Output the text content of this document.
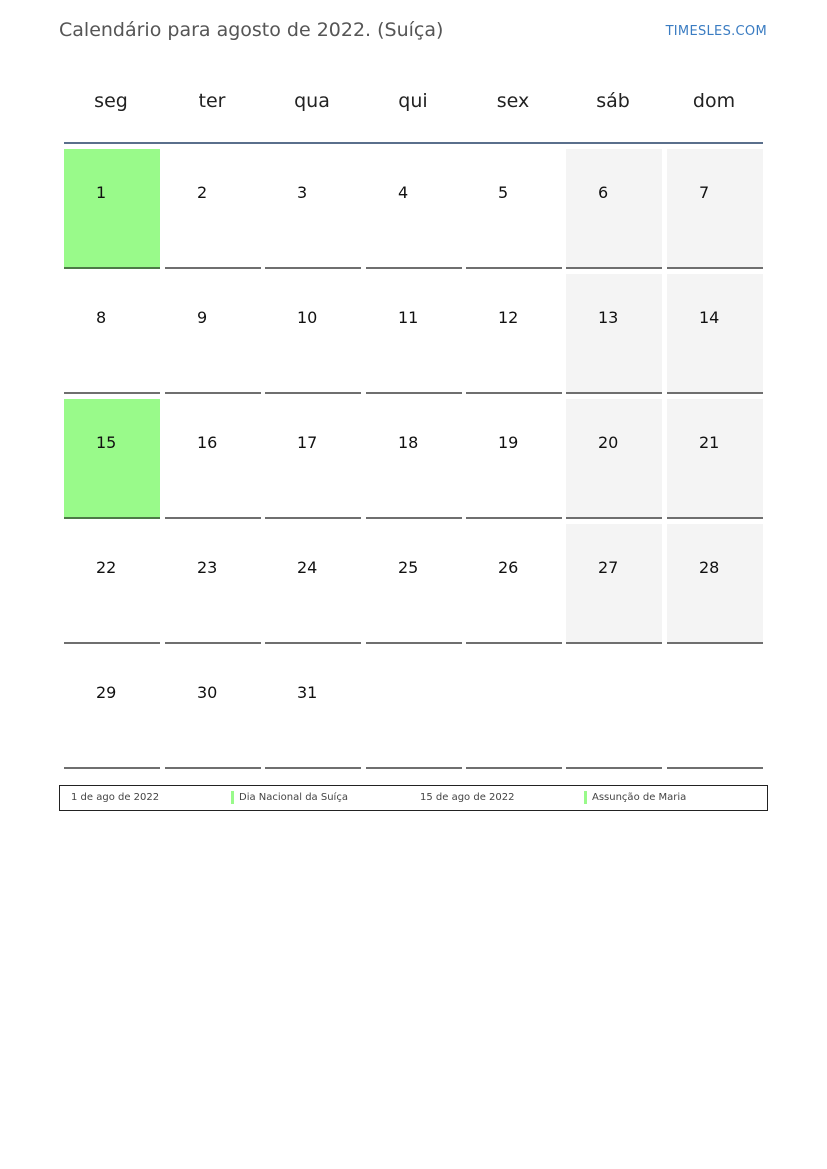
Calendário para agosto de 2022. (Suíça)	TIMESLES.COM
seg	ter	qua	qui	sex	sáb	dom
1	2	3	4	5	6	7
8	9	10	11	12	13	14
15	16	17	18	19	20	21
22	23	24	25	26	27	28
29	30	31
1 de ago de 2022	Dia Nacional da Suíça	15 de ago de 2022	Assunção de Maria
